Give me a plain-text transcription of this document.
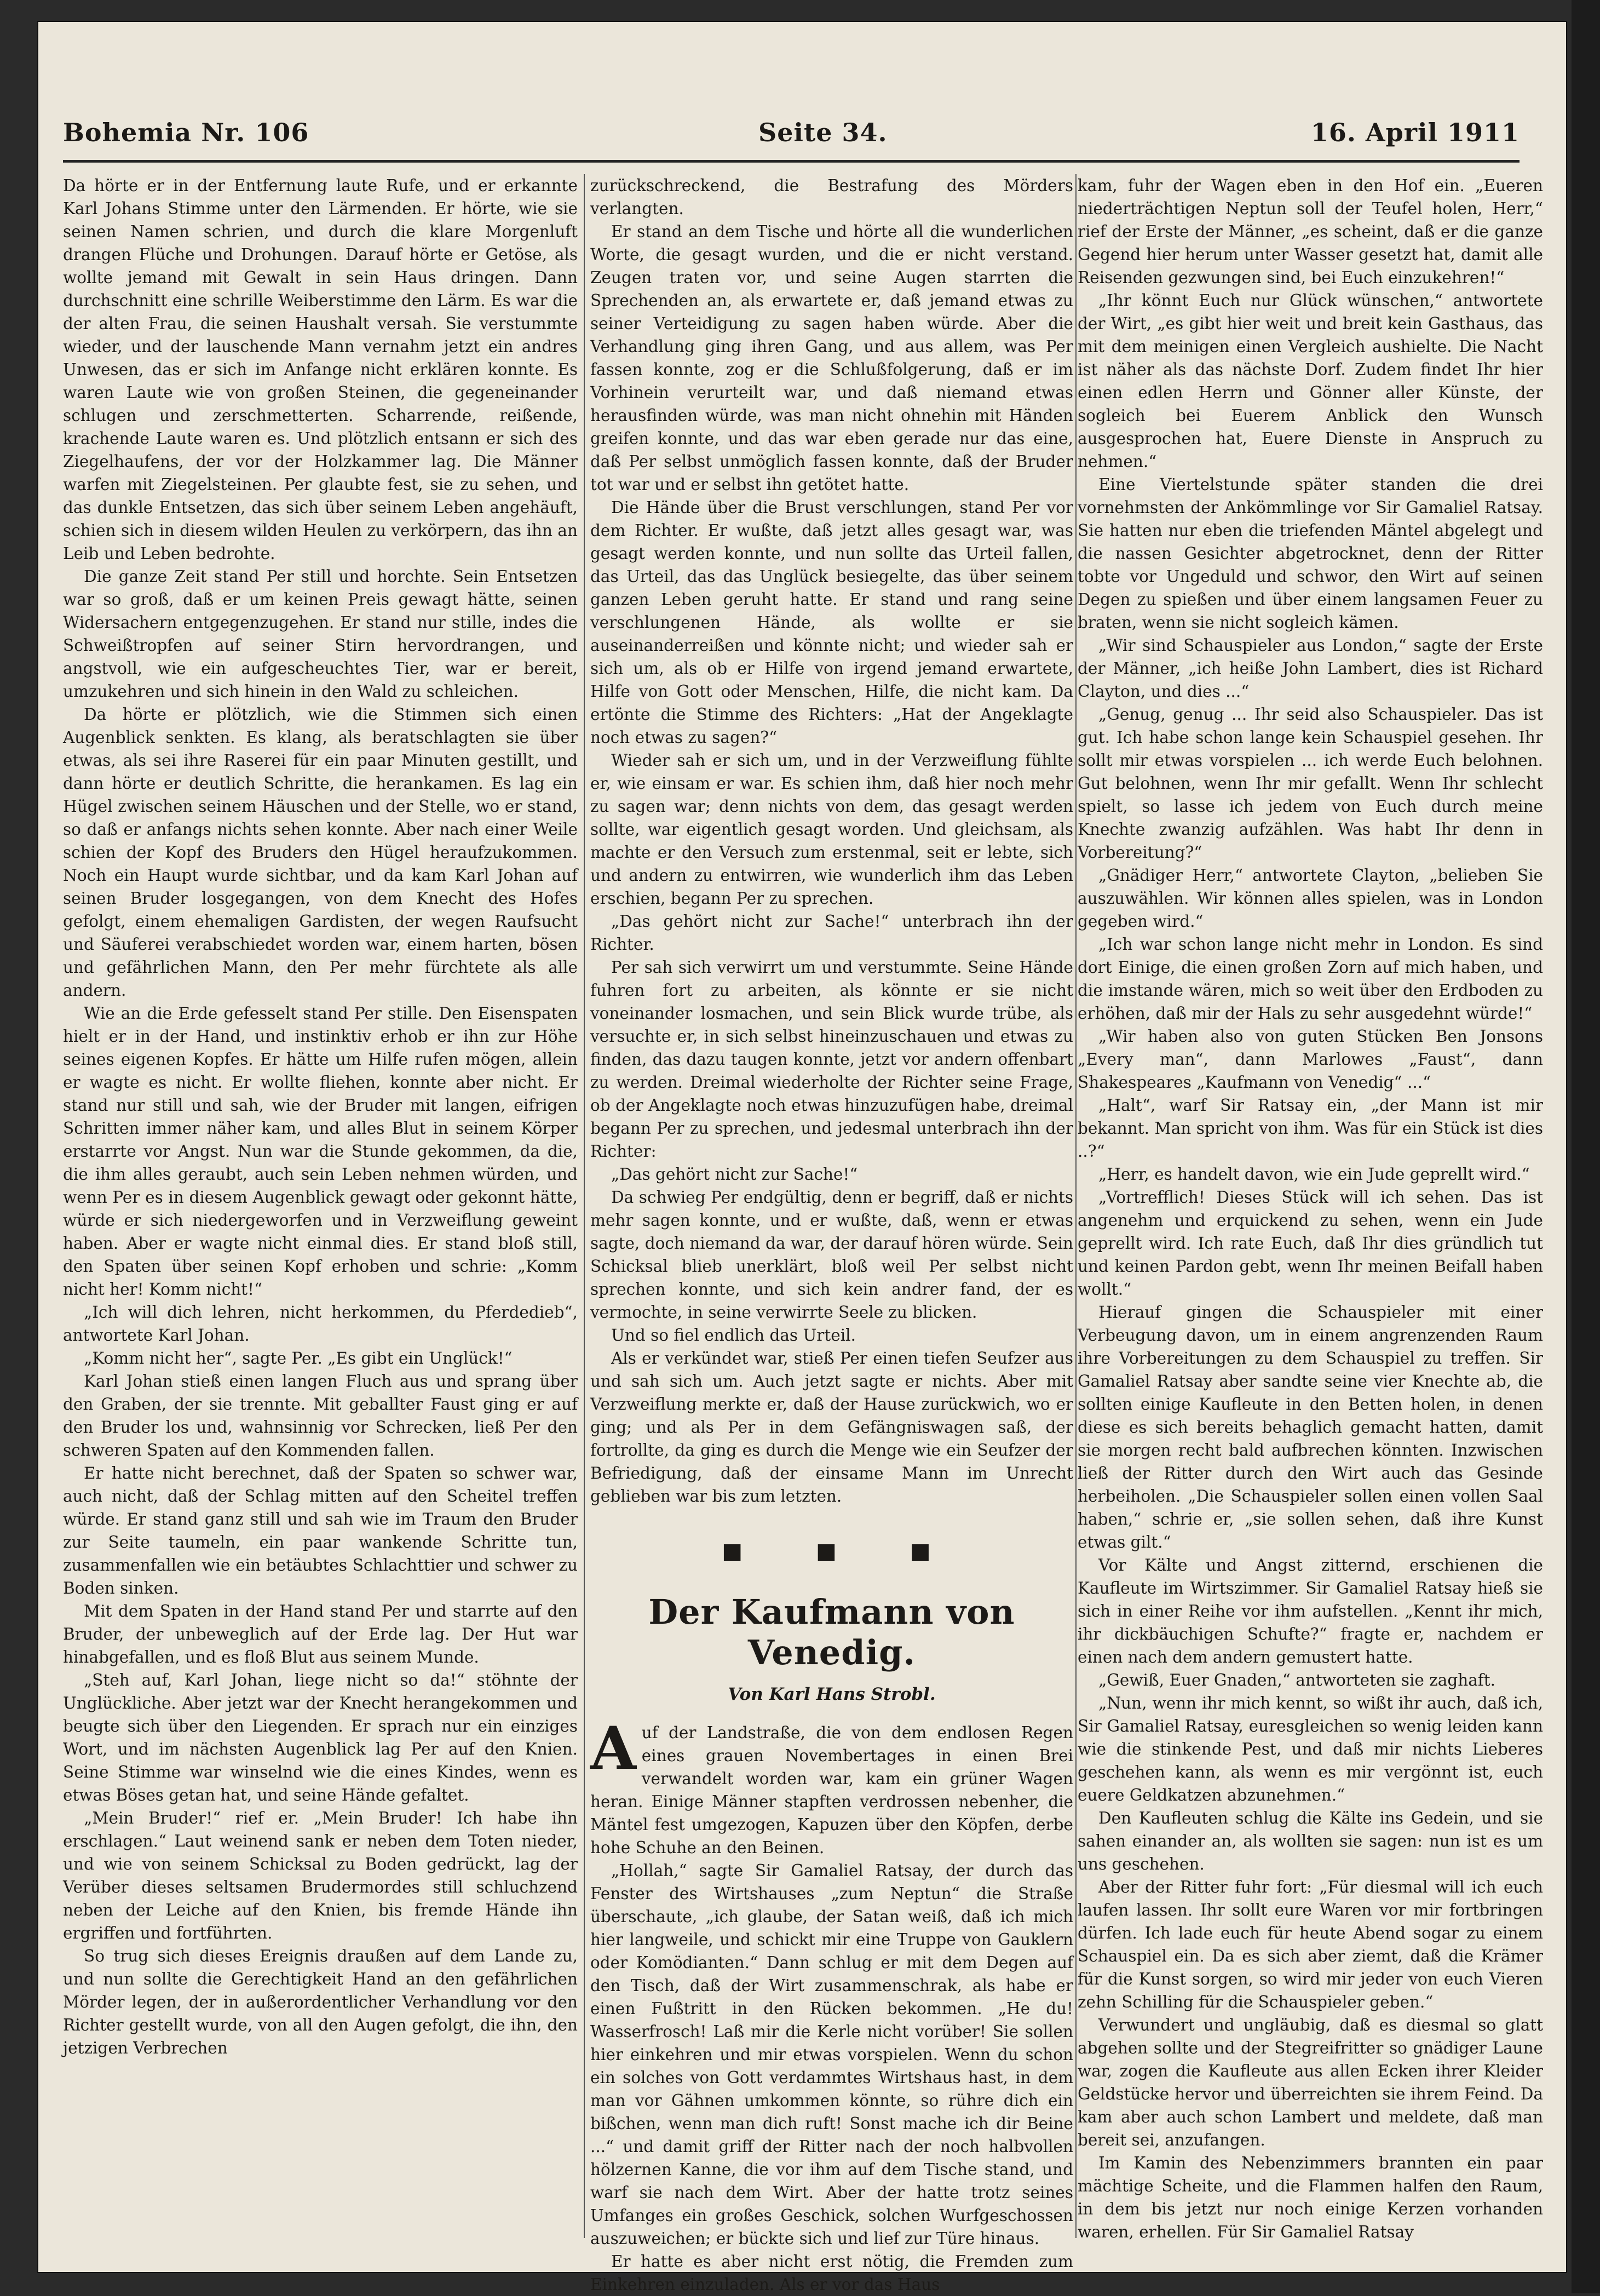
Bohemia Nr. 106	Seite 34.	16. April 1911

Da hörte er in der Entfernung laute Rufe, und er erkannte Karl Johans Stimme unter den Lärmenden. Er hörte, wie sie seinen Namen schrien, und durch die klare Morgenluft drangen Flüche und Drohungen. Darauf hörte er Getöse, als wollte jemand mit Gewalt in sein Haus dringen. Dann durchschnitt eine schrille Weiberstimme den Lärm. Es war die der alten Frau, die seinen Haushalt versah. Sie verstummte wieder, und der lauschende Mann vernahm jetzt ein andres Unwesen, das er sich im Anfange nicht erklären konnte. Es waren Laute wie von großen Steinen, die gegeneinander schlugen und zerschmetterten. Scharrende, reißende, krachende Laute waren es. Und plötzlich entsann er sich des Ziegelhaufens, der vor der Holzkammer lag. Die Männer warfen mit Ziegelsteinen. Per glaubte fest, sie zu sehen, und das dunkle Entsetzen, das sich über seinem Leben angehäuft, schien sich in diesem wilden Heulen zu verkörpern, das ihn an Leib und Leben bedrohte.

Die ganze Zeit stand Per still und horchte. Sein Entsetzen war so groß, daß er um keinen Preis gewagt hätte, seinen Widersachern entgegenzugehen. Er stand nur stille, indes die Schweißtropfen auf seiner Stirn hervordrangen, und angstvoll, wie ein aufgescheuchtes Tier, war er bereit, umzukehren und sich hinein in den Wald zu schleichen.

Da hörte er plötzlich, wie die Stimmen sich einen Augenblick senkten. Es klang, als beratschlagten sie über etwas, als sei ihre Raserei für ein paar Minuten gestillt, und dann hörte er deutlich Schritte, die herankamen. Es lag ein Hügel zwischen seinem Häuschen und der Stelle, wo er stand, so daß er anfangs nichts sehen konnte. Aber nach einer Weile schien der Kopf des Bruders den Hügel heraufzukommen. Noch ein Haupt wurde sichtbar, und da kam Karl Johan auf seinen Bruder losgegangen, von dem Knecht des Hofes gefolgt, einem ehemaligen Gardisten, der wegen Raufsucht und Säuferei verabschiedet worden war, einem harten, bösen und gefährlichen Mann, den Per mehr fürchtete als alle andern.

Wie an die Erde gefesselt stand Per stille. Den Eisenspaten hielt er in der Hand, und instinktiv erhob er ihn zur Höhe seines eigenen Kopfes. Er hätte um Hilfe rufen mögen, allein er wagte es nicht. Er wollte fliehen, konnte aber nicht. Er stand nur still und sah, wie der Bruder mit langen, eifrigen Schritten immer näher kam, und alles Blut in seinem Körper erstarrte vor Angst. Nun war die Stunde gekommen, da die, die ihm alles geraubt, auch sein Leben nehmen würden, und wenn Per es in diesem Augenblick gewagt oder gekonnt hätte, würde er sich niedergeworfen und in Verzweiflung geweint haben. Aber er wagte nicht einmal dies. Er stand bloß still, den Spaten über seinen Kopf erhoben und schrie: „Komm nicht her! Komm nicht!“

„Ich will dich lehren, nicht herkommen, du Pferdedieb“, antwortete Karl Johan.

„Komm nicht her“, sagte Per. „Es gibt ein Unglück!“

Karl Johan stieß einen langen Fluch aus und sprang über den Graben, der sie trennte. Mit geballter Faust ging er auf den Bruder los und, wahnsinnig vor Schrecken, ließ Per den schweren Spaten auf den Kommenden fallen.

Er hatte nicht berechnet, daß der Spaten so schwer war, auch nicht, daß der Schlag mitten auf den Scheitel treffen würde. Er stand ganz still und sah wie im Traum den Bruder zur Seite taumeln, ein paar wankende Schritte tun, zusammenfallen wie ein betäubtes Schlachttier und schwer zu Boden sinken.

Mit dem Spaten in der Hand stand Per und starrte auf den Bruder, der unbeweglich auf der Erde lag. Der Hut war hinabgefallen, und es floß Blut aus seinem Munde.

„Steh auf, Karl Johan, liege nicht so da!“ stöhnte der Unglückliche. Aber jetzt war der Knecht herangekommen und beugte sich über den Liegenden. Er sprach nur ein einziges Wort, und im nächsten Augenblick lag Per auf den Knien. Seine Stimme war winselnd wie die eines Kindes, wenn es etwas Böses getan hat, und seine Hände gefaltet.

„Mein Bruder!“ rief er. „Mein Bruder! Ich habe ihn erschlagen.“ Laut weinend sank er neben dem Toten nieder, und wie von seinem Schicksal zu Boden gedrückt, lag der Verüber dieses seltsamen Brudermordes still schluchzend neben der Leiche auf den Knien, bis fremde Hände ihn ergriffen und fortführten.

So trug sich dieses Ereignis draußen auf dem Lande zu, und nun sollte die Gerechtigkeit Hand an den gefährlichen Mörder legen, der in außerordentlicher Verhandlung vor den Richter gestellt wurde, von all den Augen gefolgt, die ihn, den jetzigen Verbrechen

zurückschreckend, die Bestrafung des Mörders verlangten.

Er stand an dem Tische und hörte all die wunderlichen Worte, die gesagt wurden, und die er nicht verstand. Zeugen traten vor, und seine Augen starrten die Sprechenden an, als erwartete er, daß jemand etwas zu seiner Verteidigung zu sagen haben würde. Aber die Verhandlung ging ihren Gang, und aus allem, was Per fassen konnte, zog er die Schlußfolgerung, daß er im Vorhinein verurteilt war, und daß niemand etwas herausfinden würde, was man nicht ohnehin mit Händen greifen konnte, und das war eben gerade nur das eine, daß Per selbst unmöglich fassen konnte, daß der Bruder tot war und er selbst ihn getötet hatte.

Die Hände über die Brust verschlungen, stand Per vor dem Richter. Er wußte, daß jetzt alles gesagt war, was gesagt werden konnte, und nun sollte das Urteil fallen, das Urteil, das das Unglück besiegelte, das über seinem ganzen Leben geruht hatte. Er stand und rang seine verschlungenen Hände, als wollte er sie auseinanderreißen und könnte nicht; und wieder sah er sich um, als ob er Hilfe von irgend jemand erwartete, Hilfe von Gott oder Menschen, Hilfe, die nicht kam. Da ertönte die Stimme des Richters: „Hat der Angeklagte noch etwas zu sagen?“

Wieder sah er sich um, und in der Verzweiflung fühlte er, wie einsam er war. Es schien ihm, daß hier noch mehr zu sagen war; denn nichts von dem, das gesagt werden sollte, war eigentlich gesagt worden. Und gleichsam, als machte er den Versuch zum erstenmal, seit er lebte, sich und andern zu entwirren, wie wunderlich ihm das Leben erschien, begann Per zu sprechen.

„Das gehört nicht zur Sache!“ unterbrach ihn der Richter.

Per sah sich verwirrt um und verstummte. Seine Hände fuhren fort zu arbeiten, als könnte er sie nicht voneinander losmachen, und sein Blick wurde trübe, als versuchte er, in sich selbst hineinzuschauen und etwas zu finden, das dazu taugen konnte, jetzt vor andern offenbart zu werden. Dreimal wiederholte der Richter seine Frage, ob der Angeklagte noch etwas hinzuzufügen habe, dreimal begann Per zu sprechen, und jedesmal unterbrach ihn der Richter:

„Das gehört nicht zur Sache!“

Da schwieg Per endgültig, denn er begriff, daß er nichts mehr sagen konnte, und er wußte, daß, wenn er etwas sagte, doch niemand da war, der darauf hören würde. Sein Schicksal blieb unerklärt, bloß weil Per selbst nicht sprechen konnte, und sich kein andrer fand, der es vermochte, in seine verwirrte Seele zu blicken.

Und so fiel endlich das Urteil.

Als er verkündet war, stieß Per einen tiefen Seufzer aus und sah sich um. Auch jetzt sagte er nichts. Aber mit Verzweiflung merkte er, daß der Hause zurückwich, wo er ging; und als Per in dem Gefängniswagen saß, der fortrollte, da ging es durch die Menge wie ein Seufzer der Befriedigung, daß der einsame Mann im Unrecht geblieben war bis zum letzten.

■ ■ ■
Der Kaufmann von Venedig.
Von Karl Hans Strobl.

Auf der Landstraße, die von dem endlosen Regen eines grauen Novembertages in einen Brei verwandelt worden war, kam ein grüner Wagen heran. Einige Männer stapften verdrossen nebenher, die Mäntel fest umgezogen, Kapuzen über den Köpfen, derbe hohe Schuhe an den Beinen.

„Hollah,“ sagte Sir Gamaliel Ratsay, der durch das Fenster des Wirtshauses „zum Neptun“ die Straße überschaute, „ich glaube, der Satan weiß, daß ich mich hier langweile, und schickt mir eine Truppe von Gauklern oder Komödianten.“ Dann schlug er mit dem Degen auf den Tisch, daß der Wirt zusammenschrak, als habe er einen Fußtritt in den Rücken bekommen. „He du! Wasserfrosch! Laß mir die Kerle nicht vorüber! Sie sollen hier einkehren und mir etwas vorspielen. Wenn du schon ein solches von Gott verdammtes Wirtshaus hast, in dem man vor Gähnen umkommen könnte, so rühre dich ein bißchen, wenn man dich ruft! Sonst mache ich dir Beine ...“ und damit griff der Ritter nach der noch halbvollen hölzernen Kanne, die vor ihm auf dem Tische stand, und warf sie nach dem Wirt. Aber der hatte trotz seines Umfanges ein großes Geschick, solchen Wurfgeschossen auszuweichen; er bückte sich und lief zur Türe hinaus.

Er hatte es aber nicht erst nötig, die Fremden zum Einkehren einzuladen. Als er vor das Haus

kam, fuhr der Wagen eben in den Hof ein. „Eueren niederträchtigen Neptun soll der Teufel holen, Herr,“ rief der Erste der Männer, „es scheint, daß er die ganze Gegend hier herum unter Wasser gesetzt hat, damit alle Reisenden gezwungen sind, bei Euch einzukehren!“

„Ihr könnt Euch nur Glück wünschen,“ antwortete der Wirt, „es gibt hier weit und breit kein Gasthaus, das mit dem meinigen einen Vergleich aushielte. Die Nacht ist näher als das nächste Dorf. Zudem findet Ihr hier einen edlen Herrn und Gönner aller Künste, der sogleich bei Euerem Anblick den Wunsch ausgesprochen hat, Euere Dienste in Anspruch zu nehmen.“

Eine Viertelstunde später standen die drei vornehmsten der Ankömmlinge vor Sir Gamaliel Ratsay. Sie hatten nur eben die triefenden Mäntel abgelegt und die nassen Gesichter abgetrocknet, denn der Ritter tobte vor Ungeduld und schwor, den Wirt auf seinen Degen zu spießen und über einem langsamen Feuer zu braten, wenn sie nicht sogleich kämen.

„Wir sind Schauspieler aus London,“ sagte der Erste der Männer, „ich heiße John Lambert, dies ist Richard Clayton, und dies ...“

„Genug, genug ... Ihr seid also Schauspieler. Das ist gut. Ich habe schon lange kein Schauspiel gesehen. Ihr sollt mir etwas vorspielen ... ich werde Euch belohnen. Gut belohnen, wenn Ihr mir gefallt. Wenn Ihr schlecht spielt, so lasse ich jedem von Euch durch meine Knechte zwanzig aufzählen. Was habt Ihr denn in Vorbereitung?“

„Gnädiger Herr,“ antwortete Clayton, „belieben Sie auszuwählen. Wir können alles spielen, was in London gegeben wird.“

„Ich war schon lange nicht mehr in London. Es sind dort Einige, die einen großen Zorn auf mich haben, und die imstande wären, mich so weit über den Erdboden zu erhöhen, daß mir der Hals zu sehr ausgedehnt würde!“

„Wir haben also von guten Stücken Ben Jonsons „Every man“, dann Marlowes „Faust“, dann Shakespeares „Kaufmann von Venedig“ ...“

„Halt“, warf Sir Ratsay ein, „der Mann ist mir bekannt. Man spricht von ihm. Was für ein Stück ist dies ..?“

„Herr, es handelt davon, wie ein Jude geprellt wird.“

„Vortrefflich! Dieses Stück will ich sehen. Das ist angenehm und erquickend zu sehen, wenn ein Jude geprellt wird. Ich rate Euch, daß Ihr dies gründlich tut und keinen Pardon gebt, wenn Ihr meinen Beifall haben wollt.“

Hierauf gingen die Schauspieler mit einer Verbeugung davon, um in einem angrenzenden Raum ihre Vorbereitungen zu dem Schauspiel zu treffen. Sir Gamaliel Ratsay aber sandte seine vier Knechte ab, die sollten einige Kaufleute in den Betten holen, in denen diese es sich bereits behaglich gemacht hatten, damit sie morgen recht bald aufbrechen könnten. Inzwischen ließ der Ritter durch den Wirt auch das Gesinde herbeiholen. „Die Schauspieler sollen einen vollen Saal haben,“ schrie er, „sie sollen sehen, daß ihre Kunst etwas gilt.“

Vor Kälte und Angst zitternd, erschienen die Kaufleute im Wirtszimmer. Sir Gamaliel Ratsay hieß sie sich in einer Reihe vor ihm aufstellen. „Kennt ihr mich, ihr dickbäuchigen Schufte?“ fragte er, nachdem er einen nach dem andern gemustert hatte.

„Gewiß, Euer Gnaden,“ antworteten sie zaghaft.

„Nun, wenn ihr mich kennt, so wißt ihr auch, daß ich, Sir Gamaliel Ratsay, euresgleichen so wenig leiden kann wie die stinkende Pest, und daß mir nichts Lieberes geschehen kann, als wenn es mir vergönnt ist, euch euere Geldkatzen abzunehmen.“

Den Kaufleuten schlug die Kälte ins Gedein, und sie sahen einander an, als wollten sie sagen: nun ist es um uns geschehen.

Aber der Ritter fuhr fort: „Für diesmal will ich euch laufen lassen. Ihr sollt eure Waren vor mir fortbringen dürfen. Ich lade euch für heute Abend sogar zu einem Schauspiel ein. Da es sich aber ziemt, daß die Krämer für die Kunst sorgen, so wird mir jeder von euch Vieren zehn Schilling für die Schauspieler geben.“

Verwundert und ungläubig, daß es diesmal so glatt abgehen sollte und der Stegreifritter so gnädiger Laune war, zogen die Kaufleute aus allen Ecken ihrer Kleider Geldstücke hervor und überreichten sie ihrem Feind. Da kam aber auch schon Lambert und meldete, daß man bereit sei, anzufangen.

Im Kamin des Nebenzimmers brannten ein paar mächtige Scheite, und die Flammen halfen den Raum, in dem bis jetzt nur noch einige Kerzen vorhanden waren, erhellen. Für Sir Gamaliel Ratsay
